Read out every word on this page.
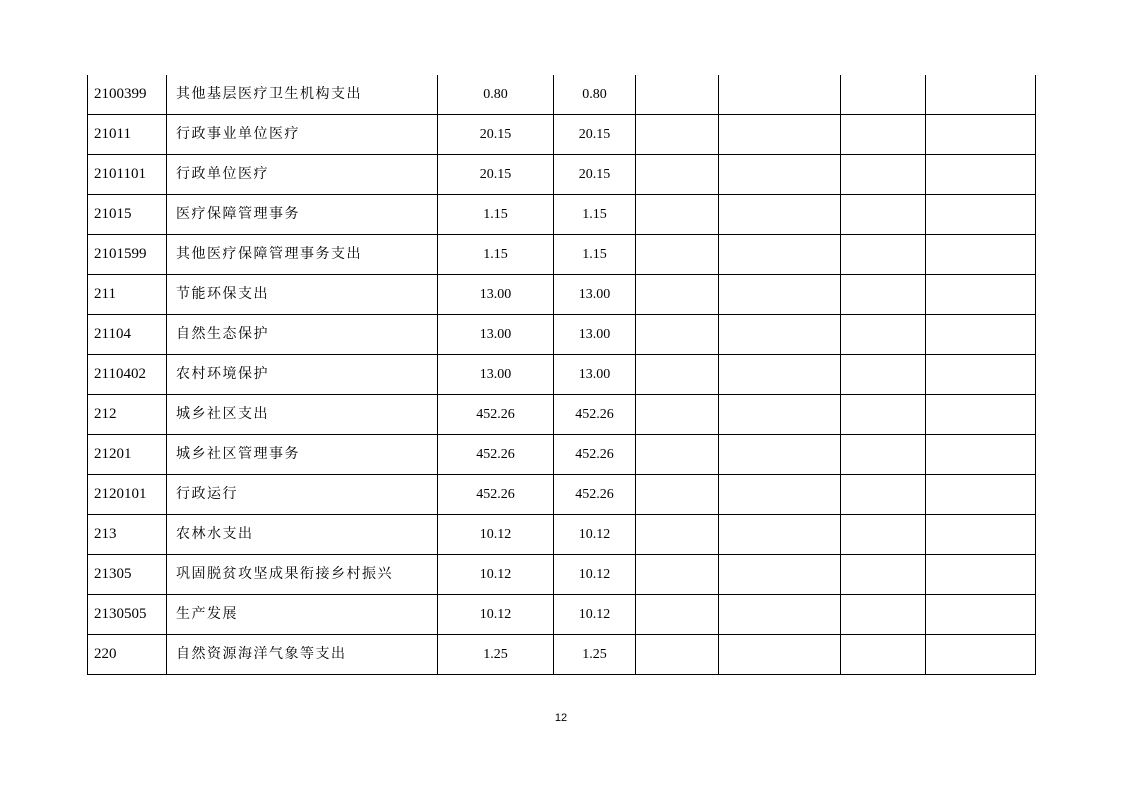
2100399	其他基层医疗卫生机构支出	0.80	0.80				
21011	行政事业单位医疗	20.15	20.15				
2101101	行政单位医疗	20.15	20.15				
21015	医疗保障管理事务	1.15	1.15				
2101599	其他医疗保障管理事务支出	1.15	1.15				
211	节能环保支出	13.00	13.00				
21104	自然生态保护	13.00	13.00				
2110402	农村环境保护	13.00	13.00				
212	城乡社区支出	452.26	452.26				
21201	城乡社区管理事务	452.26	452.26				
2120101	行政运行	452.26	452.26				
213	农林水支出	10.12	10.12				
21305	巩固脱贫攻坚成果衔接乡村振兴	10.12	10.12				
2130505	生产发展	10.12	10.12				
220	自然资源海洋气象等支出	1.25	1.25				
12
